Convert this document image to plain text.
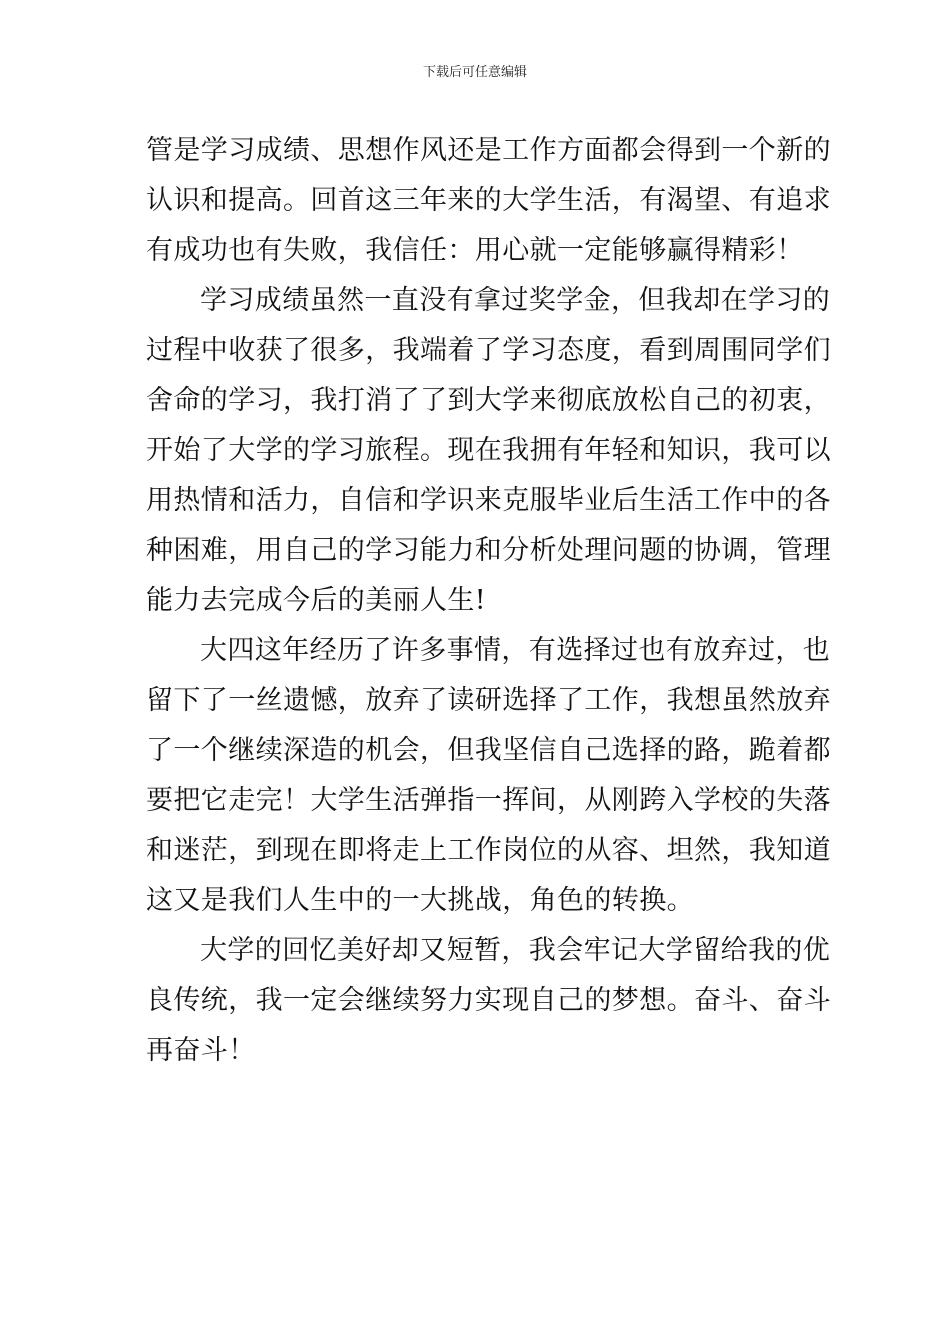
下载后可任意编辑
管是学习成绩、思想作风还是工作方面都会得到一个新的
认识和提高。回首这三年来的大学生活，有渴望、有追求
有成功也有失败，我信任：用心就一定能够赢得精彩！
学习成绩虽然一直没有拿过奖学金，但我却在学习的
过程中收获了很多，我端着了学习态度，看到周围同学们
舍命的学习，我打消了了到大学来彻底放松自己的初衷，
开始了大学的学习旅程。现在我拥有年轻和知识，我可以
用热情和活力，自信和学识来克服毕业后生活工作中的各
种困难，用自己的学习能力和分析处理问题的协调，管理
能力去完成今后的美丽人生!
大四这年经历了许多事情，有选择过也有放弃过，也
留下了一丝遗憾，放弃了读研选择了工作，我想虽然放弃
了一个继续深造的机会，但我坚信自己选择的路，跪着都
要把它走完！大学生活弹指一挥间，从刚跨入学校的失落
和迷茫，到现在即将走上工作岗位的从容、坦然，我知道
这又是我们人生中的一大挑战，角色的转换。
大学的回忆美好却又短暂，我会牢记大学留给我的优
良传统，我一定会继续努力实现自己的梦想。奋斗、奋斗
再奋斗！
